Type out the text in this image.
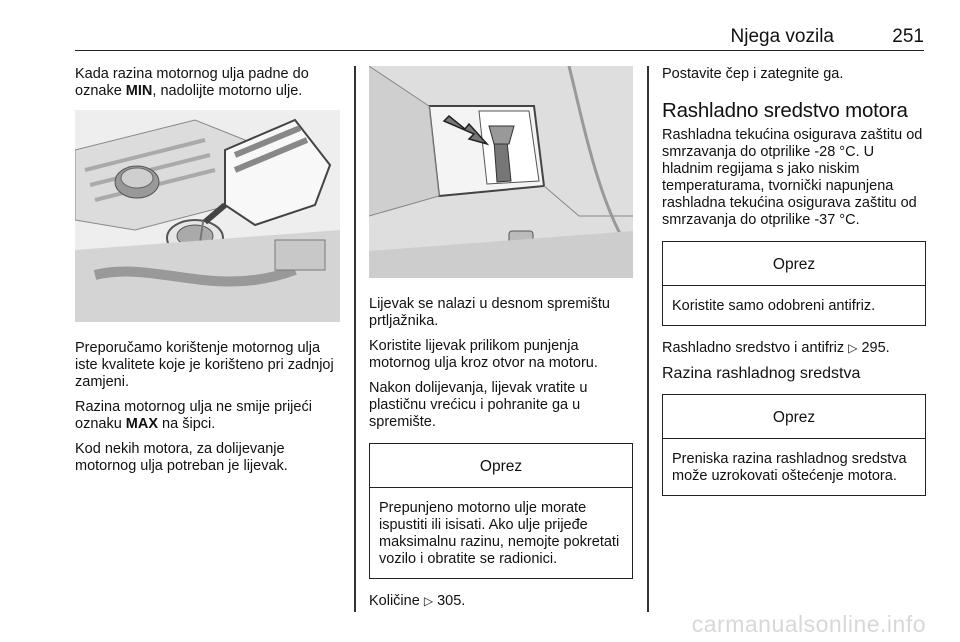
Njega vozila	251

Kada razina motornog ulja padne do oznake MIN, nadolijte motorno ulje.

Preporučamo korištenje motornog ulja iste kvalitete koje je korišteno pri zadnjoj zamjeni.

Razina motornog ulja ne smije prijeći oznaku MAX na šipci.

Kod nekih motora, za dolijevanje motornog ulja potreban je lijevak.

Lijevak se nalazi u desnom spremištu prtljažnika.

Koristite lijevak prilikom punjenja motornog ulja kroz otvor na motoru.

Nakon dolijevanja, lijevak vratite u plastičnu vrećicu i pohranite ga u spremište.

Oprez
Prepunjeno motorno ulje morate ispustiti ili isisati. Ako ulje prijeđe maksimalnu razinu, nemojte pokretati vozilo i obratite se radionici.

Količine ▷ 305.

Postavite čep i zategnite ga.

Rashladno sredstvo motora

Rashladna tekućina osigurava zaštitu od smrzavanja do otprilike -28 °C. U hladnim regijama s jako niskim temperaturama, tvornički napunjena rashladna tekućina osigurava zaštitu od smrzavanja do otprilike -37 °C.

Oprez
Koristite samo odobreni antifriz.

Rashladno sredstvo i antifriz ▷ 295.

Razina rashladnog sredstva
Oprez
Preniska razina rashladnog sredstva može uzrokovati oštećenje motora.
carmanualsonline.info
